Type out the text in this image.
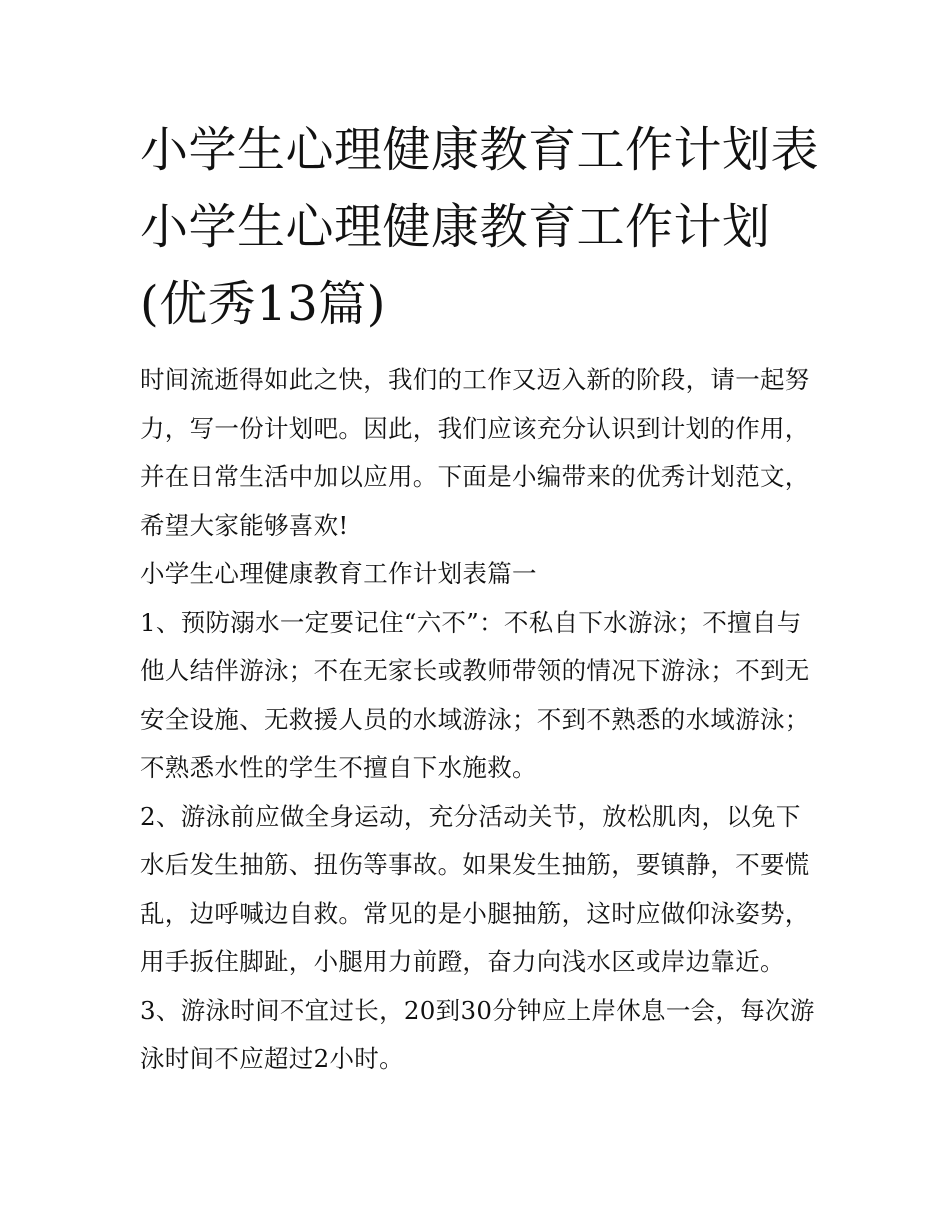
小学生心理健康教育工作计划表 小学生心理健康教育工作计划(优秀13篇)

时间流逝得如此之快，我们的工作又迈入新的阶段，请一起努力，写一份计划吧。因此，我们应该充分认识到计划的作用，并在日常生活中加以应用。下面是小编带来的优秀计划范文，希望大家能够喜欢!

小学生心理健康教育工作计划表篇一

1、预防溺水一定要记住“六不”：不私自下水游泳；不擅自与他人结伴游泳；不在无家长或教师带领的情况下游泳；不到无安全设施、无救援人员的水域游泳；不到不熟悉的水域游泳；不熟悉水性的学生不擅自下水施救。

2、游泳前应做全身运动，充分活动关节，放松肌肉，以免下水后发生抽筋、扭伤等事故。如果发生抽筋，要镇静，不要慌乱，边呼喊边自救。常见的是小腿抽筋，这时应做仰泳姿势，用手扳住脚趾，小腿用力前蹬，奋力向浅水区或岸边靠近。

3、游泳时间不宜过长，20到30分钟应上岸休息一会，每次游泳时间不应超过2小时。
